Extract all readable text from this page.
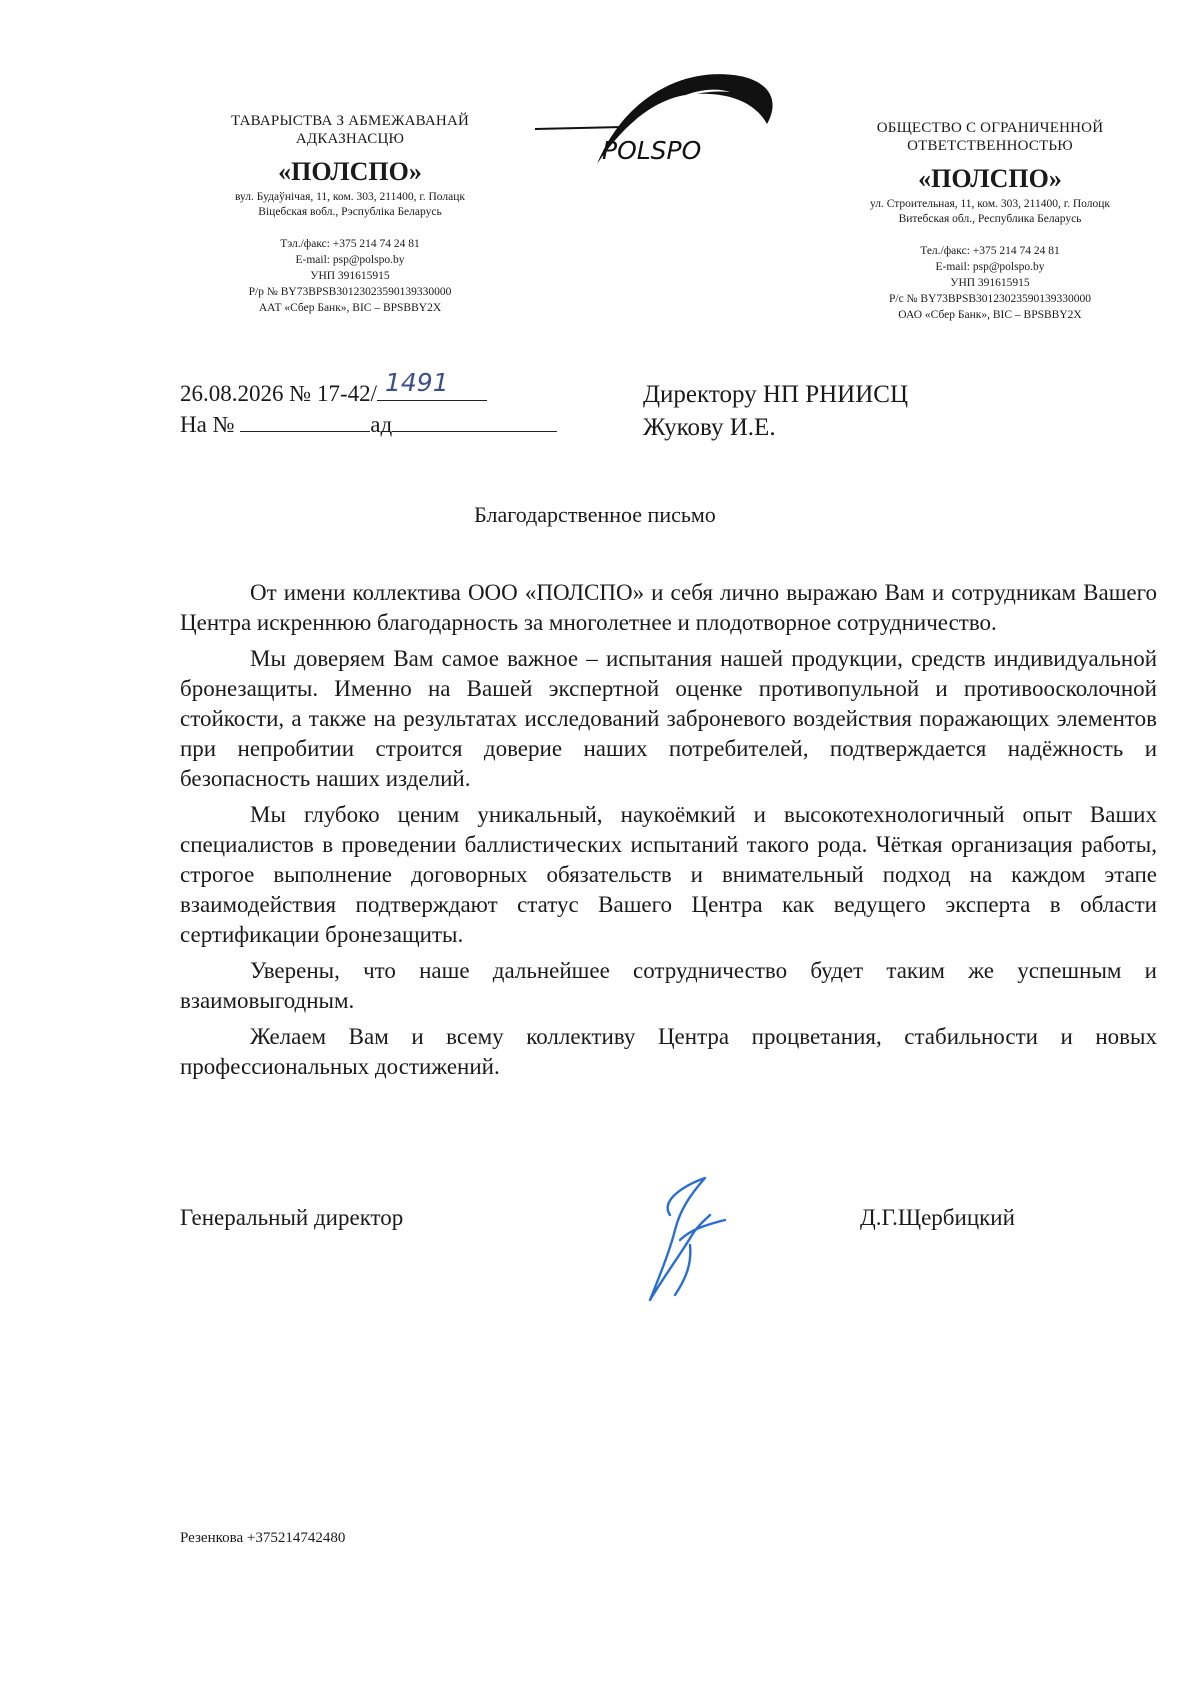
ТАВАРЫСТВА З АБМЕЖАВАНАЙ
АДКАЗНАСЦЮ
«ПОЛСПО»
вул. Будаўнічая, 11, ком. 303, 211400, г. Полацк
Віцебская вобл., Рэспубліка Беларусь
Тэл./факс: +375 214 74 24 81
E-mail: psp@polspo.by
УНП 391615915
Р/р № BY73BPSB30123023590139330000
ААТ «Сбер Банк», BIC – BPSBBY2X
POLSPO
ОБЩЕСТВО С ОГРАНИЧЕННОЙ
ОТВЕТСТВЕННОСТЬЮ
«ПОЛСПО»
ул. Строительная, 11, ком. 303, 211400, г. Полоцк
Витебская обл., Республика Беларусь
Тел./факс: +375 214 74 24 81
E-mail: psp@polspo.by
УНП 391615915
Р/с № BY73BPSB30123023590139330000
ОАО «Сбер Банк», BIC – BPSBBY2X
26.08.2026 № 17-42/ 1491
На №	ад
Директору НП РНИИСЦ
Жукову И.Е.
Благодарственное письмо

От имени коллектива ООО «ПОЛСПО» и себя лично выражаю Вам и сотрудникам Вашего Центра искреннюю благодарность за многолетнее и плодотворное сотрудничество.

Мы доверяем Вам самое важное – испытания нашей продукции, средств индивидуальной бронезащиты. Именно на Вашей экспертной оценке противопульной и противоосколочной стойкости, а также на результатах исследований заброневого воздействия поражающих элементов при непробитии строится доверие наших потребителей, подтверждается надёжность и безопасность наших изделий.

Мы глубоко ценим уникальный, наукоёмкий и высокотехнологичный опыт Ваших специалистов в проведении баллистических испытаний такого рода. Чёткая организация работы, строгое выполнение договорных обязательств и внимательный подход на каждом этапе взаимодействия подтверждают статус Вашего Центра как ведущего эксперта в области сертификации бронезащиты.

Уверены, что наше дальнейшее сотрудничество будет таким же успешным и взаимовыгодным.

Желаем Вам и всему коллективу Центра процветания, стабильности и новых профессиональных достижений.

Генеральный директор	Д.Г.Щербицкий
Резенкова +375214742480
